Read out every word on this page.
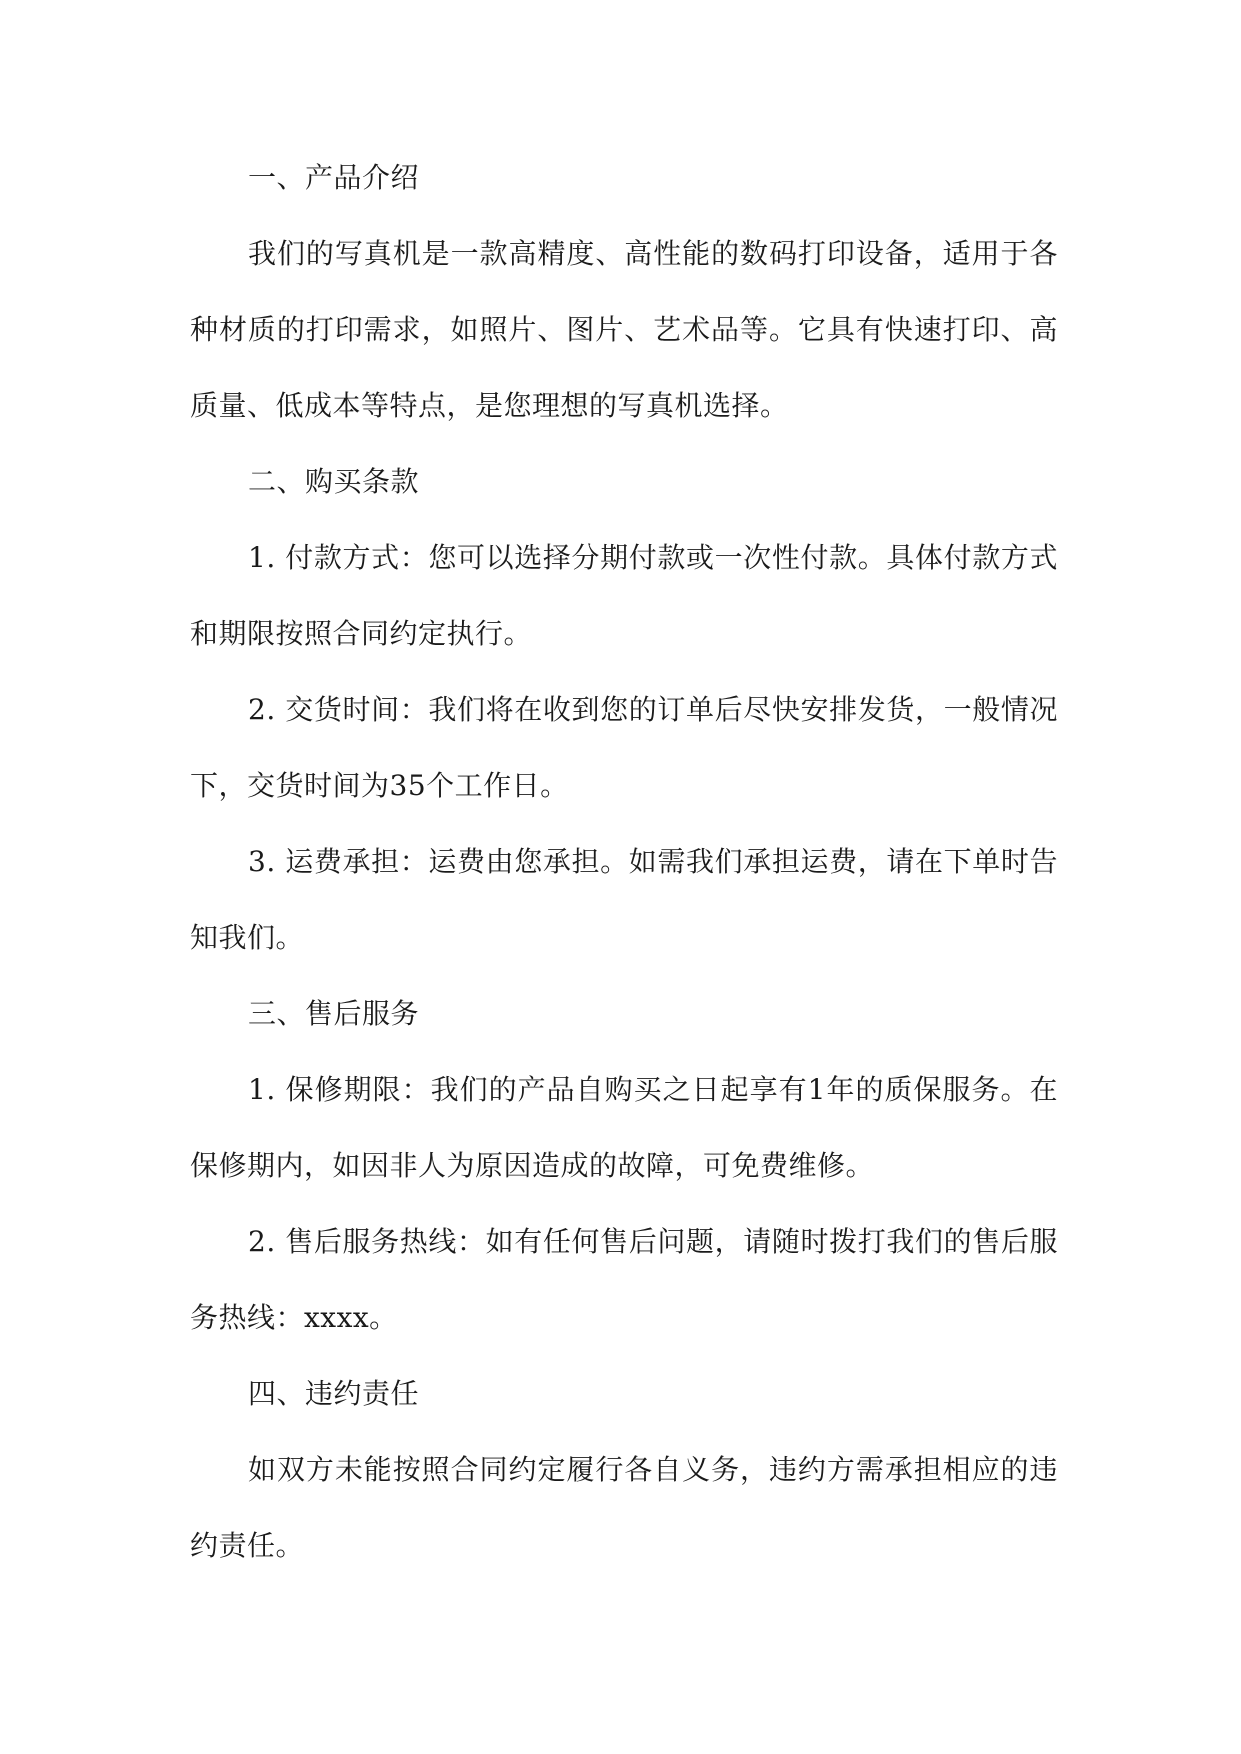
一、产品介绍

我们的写真机是一款高精度、高性能的数码打印设备，适用于各种材质的打印需求，如照片、图片、艺术品等。它具有快速打印、高质量、低成本等特点，是您理想的写真机选择。

二、购买条款

1. 付款方式：您可以选择分期付款或一次性付款。具体付款方式和期限按照合同约定执行。

2. 交货时间：我们将在收到您的订单后尽快安排发货，一般情况下，交货时间为35个工作日。

3. 运费承担：运费由您承担。如需我们承担运费，请在下单时告知我们。

三、售后服务

1. 保修期限：我们的产品自购买之日起享有1年的质保服务。在保修期内，如因非人为原因造成的故障，可免费维修。

2. 售后服务热线：如有任何售后问题，请随时拨打我们的售后服务热线：xxxx。

四、违约责任

如双方未能按照合同约定履行各自义务，违约方需承担相应的违约责任。
